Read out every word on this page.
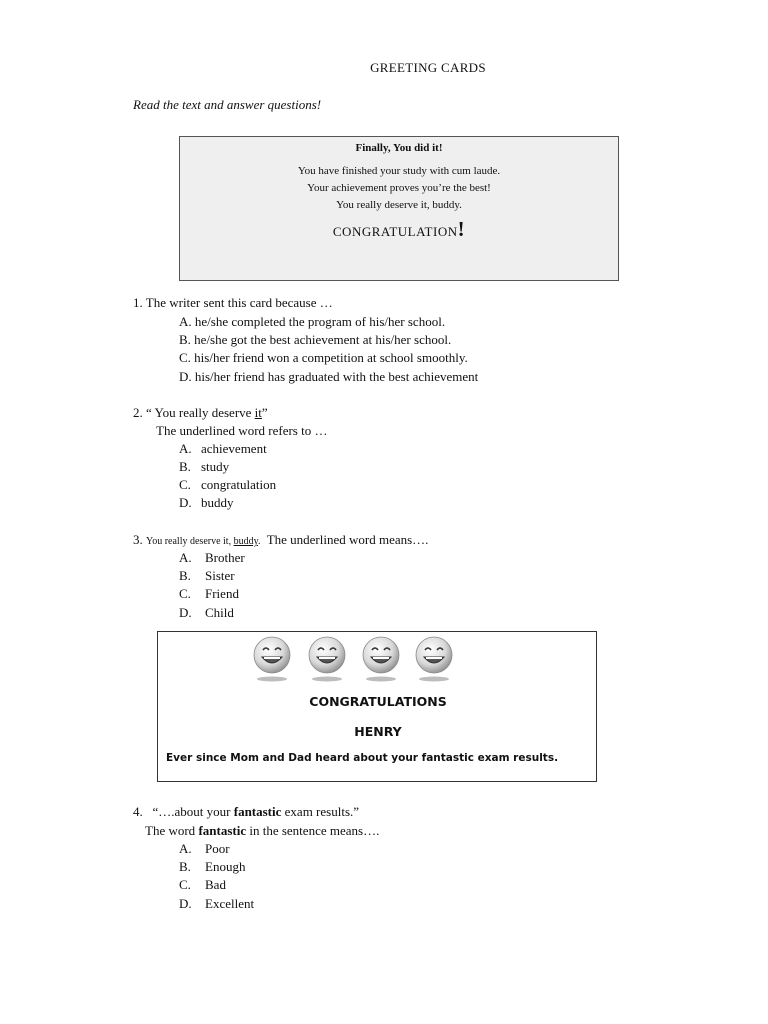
GREETING CARDS
Read the text and answer questions!
Finally, You did it!
You have finished your study with cum laude.
Your achievement proves you’re the best!
You really deserve it, buddy.
CONGRATULATION!
1. The writer sent this card because …
A. he/she completed the program of his/her school.
B. he/she got the best achievement at his/her school.
C. his/her friend won a competition at school smoothly.
D. his/her friend has graduated with the best achievement
2. “ You really deserve it”
The underlined word refers to …
A. achievement
B. study
C. congratulation
D. buddy
3. You really deserve it, buddy. The underlined word means….
A. Brother
B. Sister
C. Friend
D. Child
CONGRATULATIONS
HENRY
Ever since Mom and Dad heard about your fantastic exam results.
4. “….about your fantastic exam results.”
The word fantastic in the sentence means….
A. Poor
B. Enough
C. Bad
D. Excellent
